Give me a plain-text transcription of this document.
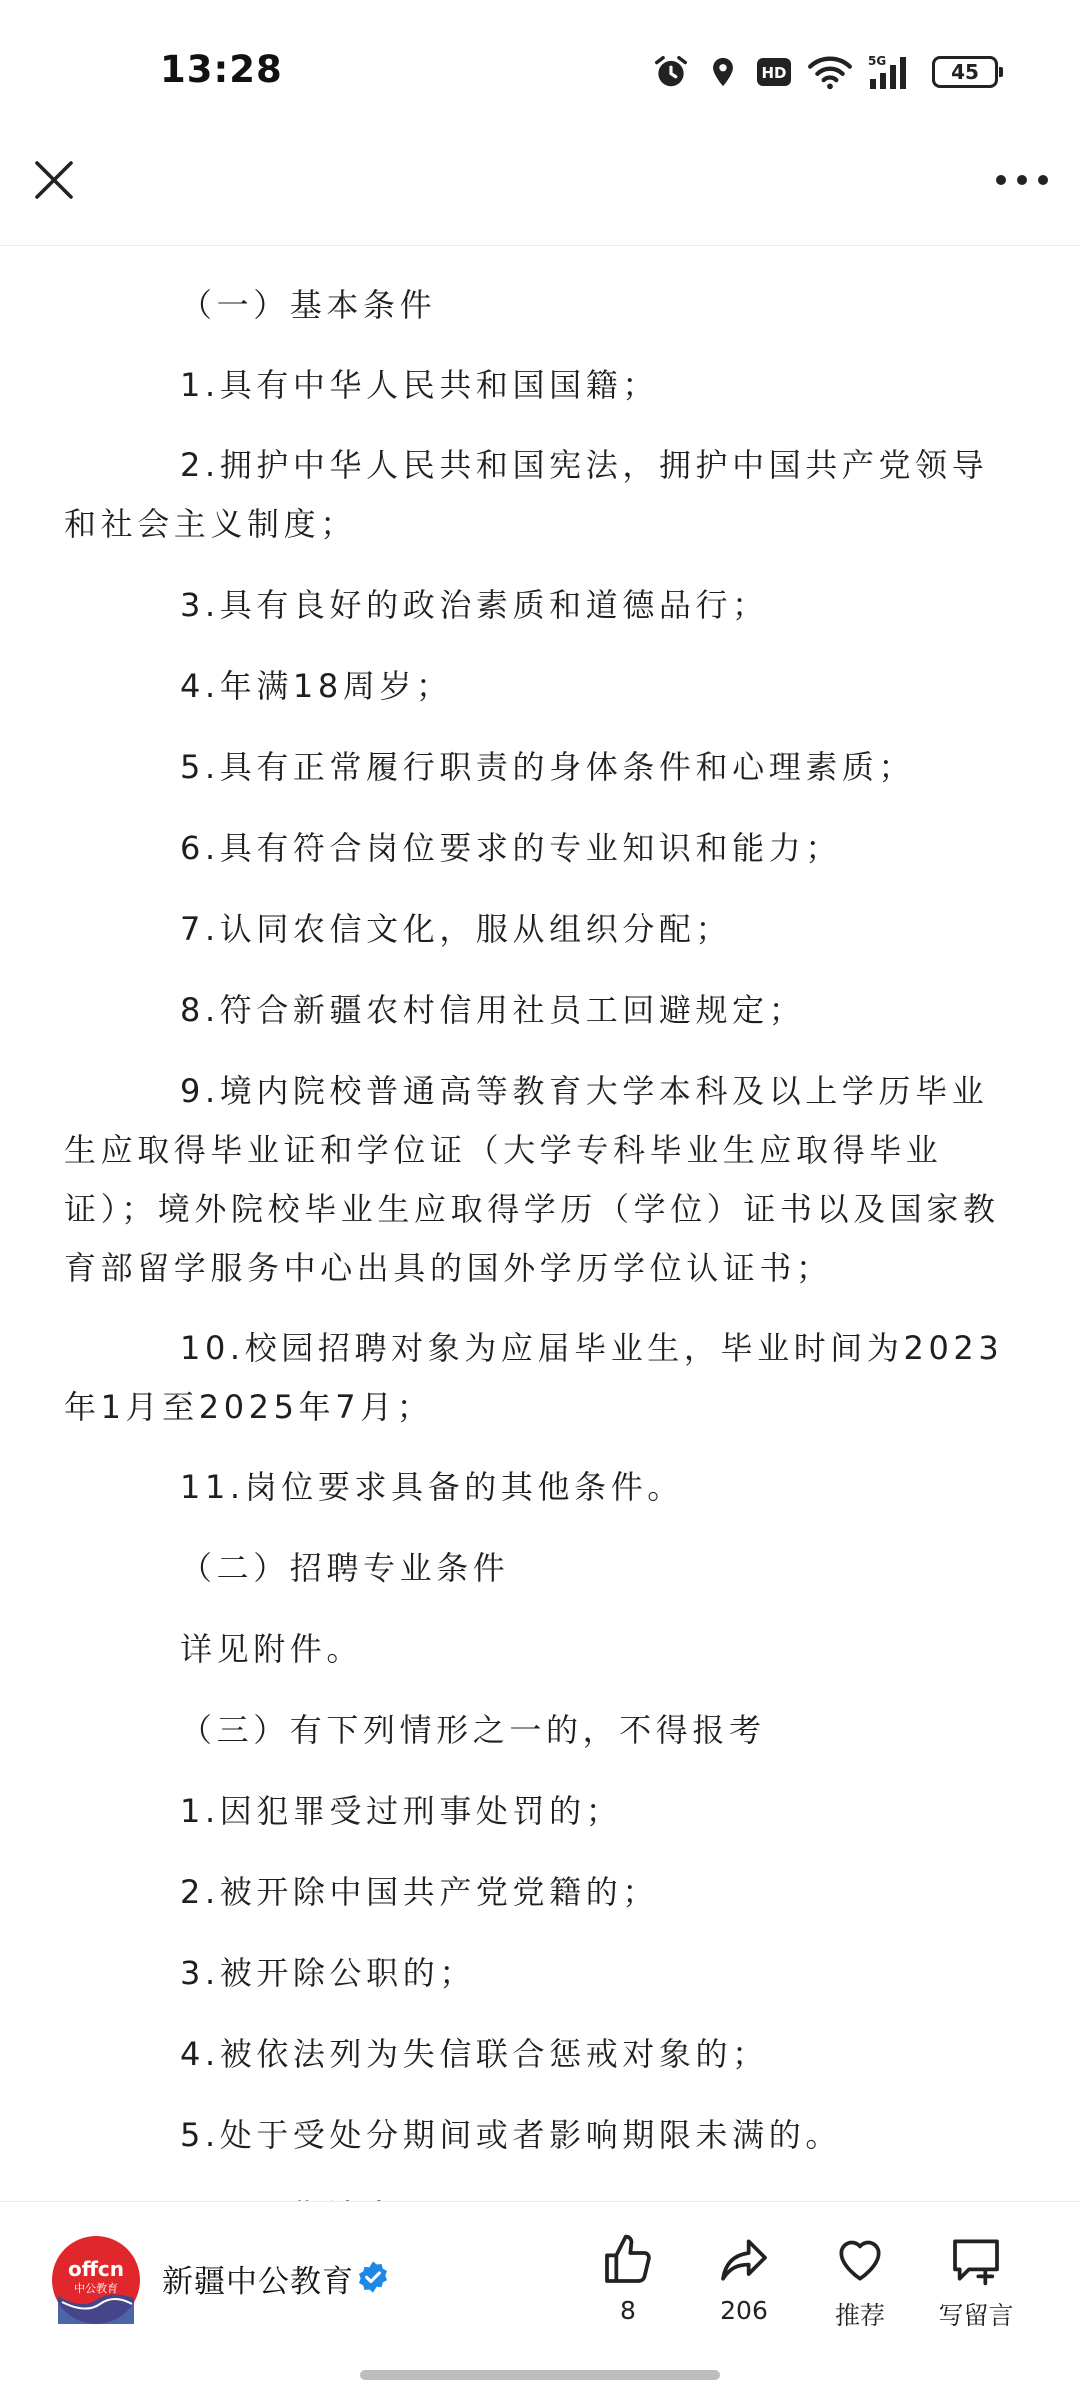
13:28	HD
5G	45
（一）基本条件
1.具有中华人民共和国国籍；
2.拥护中华人民共和国宪法，拥护中国共产党领导和社会主义制度；
3.具有良好的政治素质和道德品行；
4.年满18周岁；
5.具有正常履行职责的身体条件和心理素质；
6.具有符合岗位要求的专业知识和能力；
7.认同农信文化，服从组织分配；
8.符合新疆农村信用社员工回避规定；
9.境内院校普通高等教育大学本科及以上学历毕业生应取得毕业证和学位证（大学专科毕业生应取得毕业证）；境外院校毕业生应取得学历（学位）证书以及国家教育部留学服务中心出具的国外学历学位认证书；
10.校园招聘对象为应届毕业生，毕业时间为2023年1月至2025年7月；
11.岗位要求具备的其他条件。
（二）招聘专业条件
详见附件。
（三）有下列情形之一的，不得报考
1.因犯罪受过刑事处罚的；
2.被开除中国共产党党籍的；
3.被开除公职的；
4.被依法列为失信联合惩戒对象的；
5.处于受处分期间或者影响期限未满的。
offcn
中公教育 新疆中公教育
8	206	推荐 写留言
